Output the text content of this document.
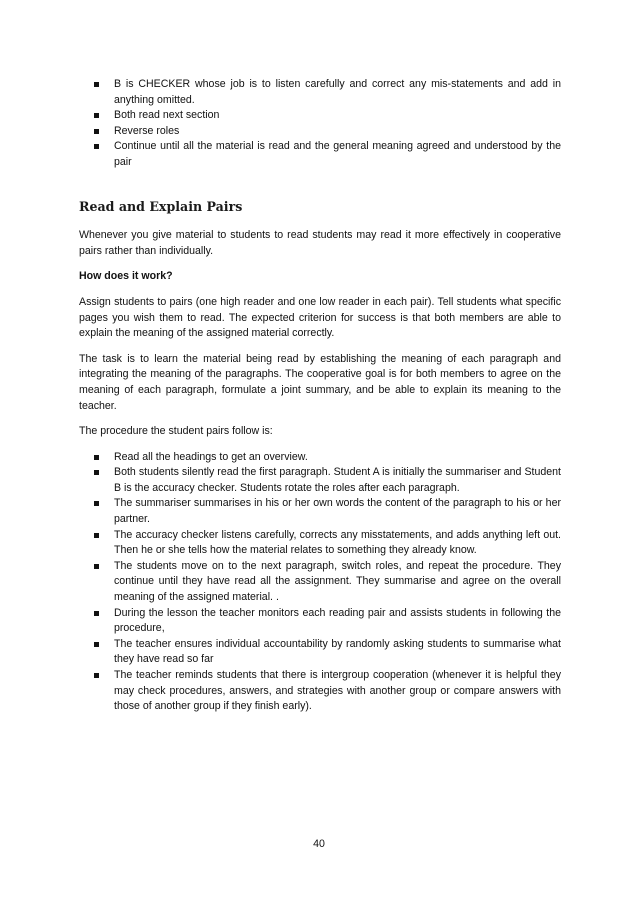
B is CHECKER whose job is to listen carefully and correct any mis-statements and add in anything omitted.
Both read next section
Reverse roles
Continue until all the material is read and the general meaning agreed and understood by the pair
Read and Explain Pairs

Whenever you give material to students to read students may read it more effectively in cooperative pairs rather than individually.

How does it work?

Assign students to pairs (one high reader and one low reader in each pair). Tell students what specific pages you wish them to read. The expected criterion for success is that both members are able to explain the meaning of the assigned material correctly.

The task is to learn the material being read by establishing the meaning of each paragraph and integrating the meaning of the paragraphs. The cooperative goal is for both members to agree on the meaning of each paragraph, formulate a joint summary, and be able to explain its meaning to the teacher.

The procedure the student pairs follow is:

Read all the headings to get an overview.
Both students silently read the first paragraph. Student A is initially the summariser and Student B is the accuracy checker. Students rotate the roles after each paragraph.
The summariser summarises in his or her own words the content of the paragraph to his or her partner.
The accuracy checker listens carefully, corrects any misstatements, and adds anything left out. Then he or she tells how the material relates to something they already know.
The students move on to the next paragraph, switch roles, and repeat the procedure. They continue until they have read all the assignment. They summarise and agree on the overall meaning of the assigned material. .
During the lesson the teacher monitors each reading pair and assists students in following the procedure,
The teacher ensures individual accountability by randomly asking students to summarise what they have read so far
The teacher reminds students that there is intergroup cooperation (whenever it is helpful they may check procedures, answers, and strategies with another group or compare answers with those of another group if they finish early).
40
